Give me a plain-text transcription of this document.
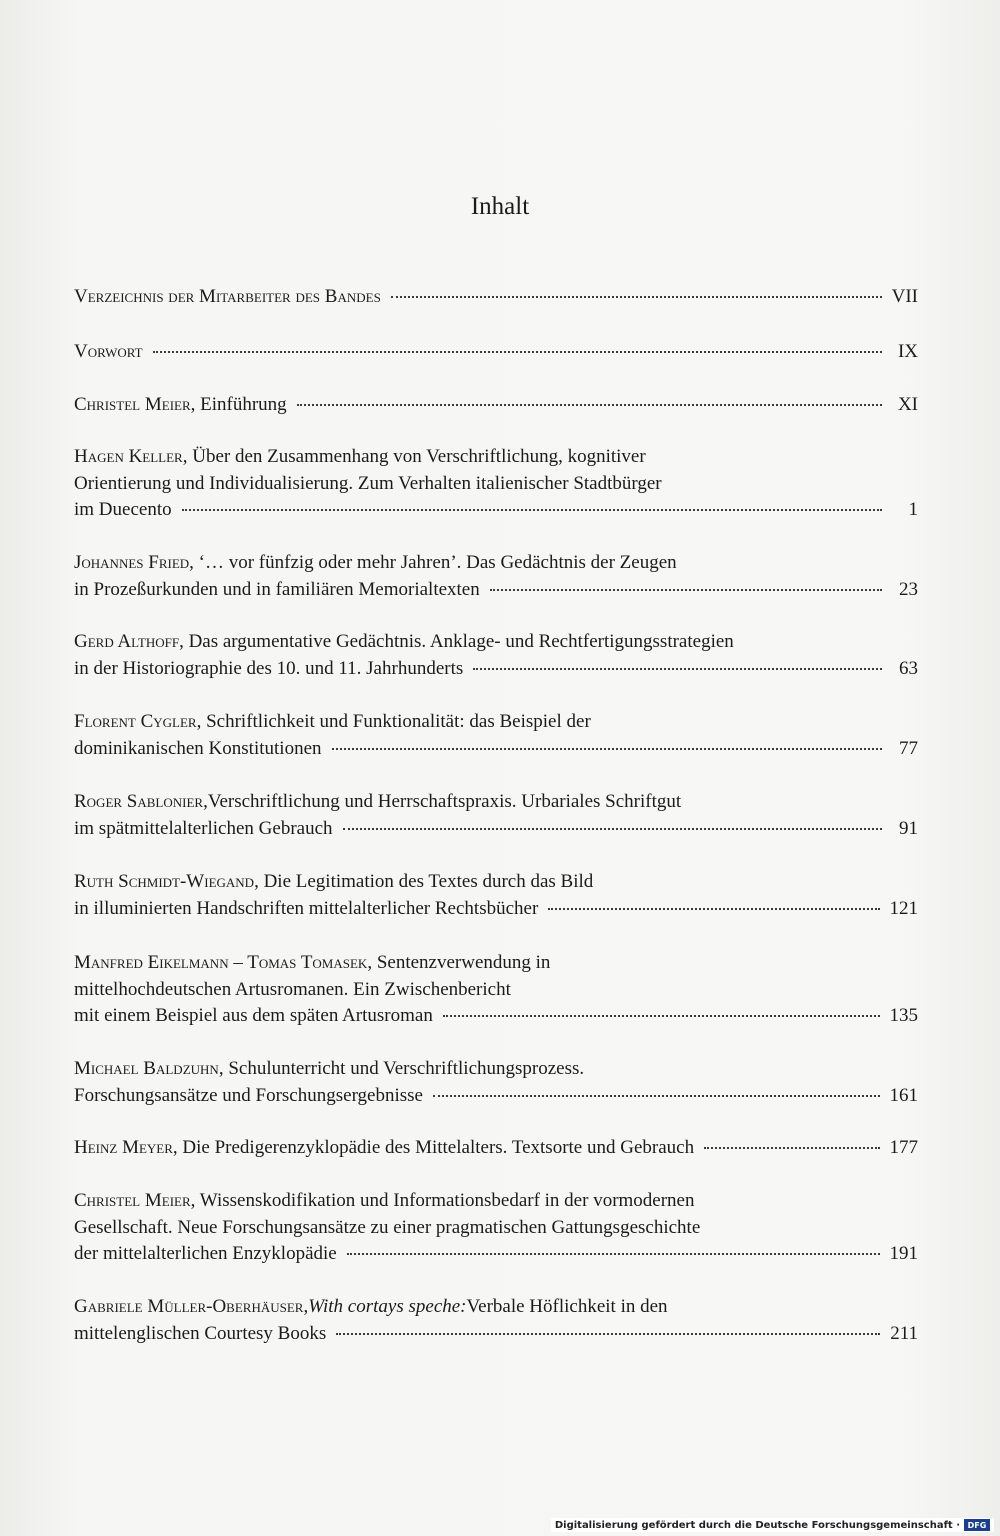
Inhalt
Verzeichnis der Mitarbeiter des Bandes	VII
Vorwort	IX
Christel Meier , Einführung	XI
Hagen Keller , Über den Zusammenhang von Verschriftlichung, kognitiver
Orientierung und Individualisierung. Zum Verhalten italienischer Stadtbürger
im Duecento	1
Johannes Fried , ‘… vor fünfzig oder mehr Jahren’. Das Gedächtnis der Zeugen
in Prozeßurkunden und in familiären Memorialtexten	23
Gerd Althoff , Das argumentative Gedächtnis. Anklage- und Rechtfertigungsstrategien
in der Historiographie des 10. und 11. Jahrhunderts	63
Florent Cygler , Schriftlichkeit und Funktionalität: das Beispiel der
dominikanischen Konstitutionen	77
Roger Sablonier ,Verschriftlichung und Herrschaftspraxis. Urbariales Schriftgut
im spätmittelalterlichen Gebrauch	91
Ruth Schmidt-Wiegand , Die Legitimation des Textes durch das Bild
in illuminierten Handschriften mittelalterlicher Rechtsbücher	121
Manfred Eikelmann – Tomas Tomasek , Sentenzverwendung in
mittelhochdeutschen Artusromanen. Ein Zwischenbericht
mit einem Beispiel aus dem späten Artusroman	135
Michael Baldzuhn , Schulunterricht und Verschriftlichungsprozess.
Forschungsansätze und Forschungsergebnisse	161
Heinz Meyer , Die Predigerenzyklopädie des Mittelalters. Textsorte und Gebrauch	177
Christel Meier , Wissenskodifikation und Informationsbedarf in der vormodernen
Gesellschaft. Neue Forschungsansätze zu einer pragmatischen Gattungsgeschichte
der mittelalterlichen Enzyklopädie	191
Gabriele Müller-Oberhäuser , With cortays speche: Verbale Höflichkeit in den
mittelenglischen Courtesy Books	211
Digitalisierung gefördert durch die Deutsche Forschungsgemeinschaft · DFG
